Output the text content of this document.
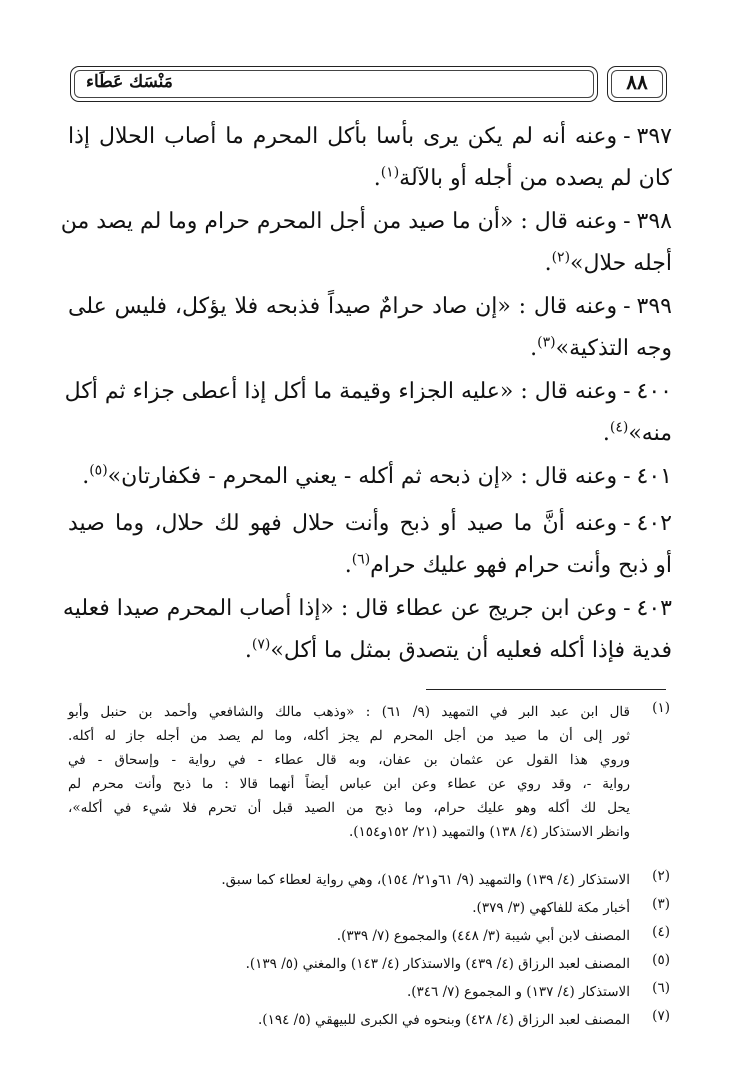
مَنْسَك عَطَاء	٨٨
٣٩٧-وعنه أنه لم يكن يرى بأسا بأكل المحرم ما أصاب الحلال إذا
كان لم يصده من أجله أو بالآلة$^{(١)}$.
٣٩٨-وعنه قال : «أن ما صيد من أجل المحرم حرام وما لم يصد من
أجله حلال»$^{(٢)}$.
٣٩٩-وعنه قال : «إن صاد حرامٌ صيداً فذبحه فلا يؤكل، فليس على
وجه التذكية»$^{(٣)}$.
٤٠٠-وعنه قال : «عليه الجزاء وقيمة ما أكل إذا أعطى جزاء ثم أكل
منه»$^{(٤)}$.
٤٠١-وعنه قال : «إن ذبحه ثم أكله - يعني المحرم - فكفارتان»$^{(٥)}$.
٤٠٢-وعنه أنَّ ما صيد أو ذبح وأنت حلال فهو لك حلال، وما صيد
أو ذبح وأنت حرام فهو عليك حرام$^{(٦)}$.
٤٠٣-وعن ابن جريج عن عطاء قال : «إذا أصاب المحرم صيدا فعليه
فدية فإذا أكله فعليه أن يتصدق بمثل ما أكل»$^{(٧)}$.
(١)
قال ابن عبد البر في التمهيد (٩/ ٦١) : «وذهب مالك والشافعي وأحمد بن حنبل وأبو
ثور إلى أن ما صيد من أجل المحرم لم يجز أكله، وما لم يصد من أجله جاز له أكله.
وروي هذا القول عن عثمان بن عفان، وبه قال عطاء - في رواية - وإسحاق - في
رواية -، وقد روي عن عطاء وعن ابن عباس أيضاً أنهما قالا : ما ذبح وأنت محرم لم
يحل لك أكله وهو عليك حرام، وما ذبح من الصيد قبل أن تحرم فلا شيء في أكله»،
وانظر الاستذكار (٤/ ١٣٨) والتمهيد (٢١/ ١٥٢و١٥٤).
(٢)
الاستذكار (٤/ ١٣٩) والتمهيد (٩/ ٦١و٢١/ ١٥٤)، وهي رواية لعطاء كما سبق.
(٣)
أخبار مكة للفاكهي (٣/ ٣٧٩).
(٤)
المصنف لابن أبي شيبة (٣/ ٤٤٨) والمجموع (٧/ ٣٣٩).
(٥)
المصنف لعبد الرزاق (٤/ ٤٣٩) والاستذكار (٤/ ١٤٣) والمغني (٥/ ١٣٩).
(٦)
الاستذكار (٤/ ١٣٧) و المجموع (٧/ ٣٤٦).
(٧)
المصنف لعبد الرزاق (٤/ ٤٢٨) وبنحوه في الكبرى للبيهقي (٥/ ١٩٤).
